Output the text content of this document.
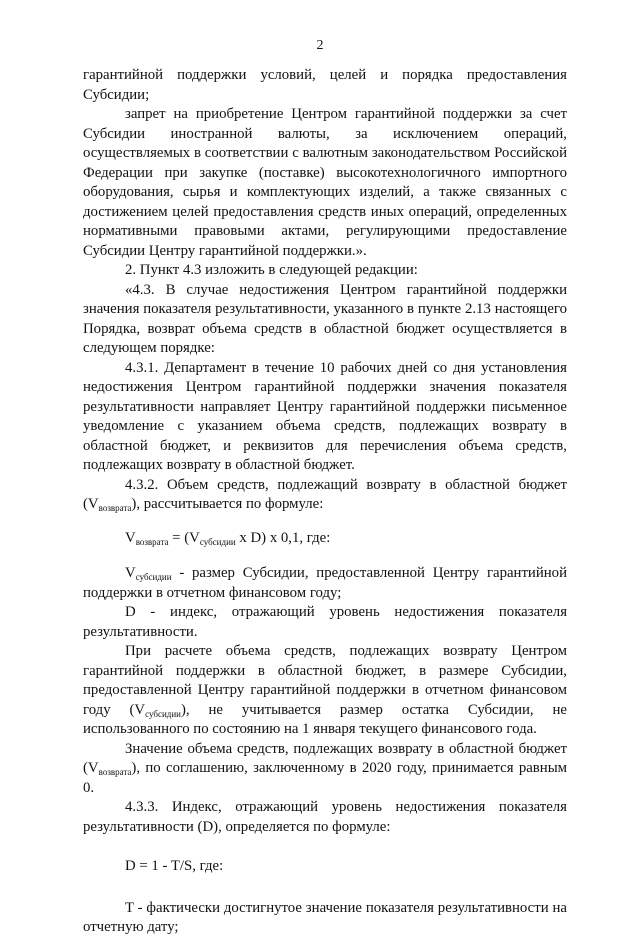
2

гарантийной поддержки условий, целей и порядка предоставления Субсидии;

запрет на приобретение Центром гарантийной поддержки за счет Субсидии иностранной валюты, за исключением операций, осуществляемых в соответствии с валютным законодательством Российской Федерации при закупке (поставке) высокотехнологичного импортного оборудования, сырья и комплектующих изделий, а также связанных с достижением целей предоставления средств иных операций, определенных нормативными правовыми актами, регулирующими предоставление Субсидии Центру гарантийной поддержки.».

2. Пункт 4.3 изложить в следующей редакции:

«4.3. В случае недостижения Центром гарантийной поддержки значения показателя результативности, указанного в пункте 2.13 настоящего Порядка, возврат объема средств в областной бюджет осуществляется в следующем порядке:

4.3.1. Департамент в течение 10 рабочих дней со дня установления недостижения Центром гарантийной поддержки значения показателя результативности направляет Центру гарантийной поддержки письменное уведомление с указанием объема средств, подлежащих возврату в областной бюджет, и реквизитов для перечисления объема средств, подлежащих возврату в областной бюджет.

4.3.2. Объем средств, подлежащий возврату в областной бюджет $(V_{возврата})$, рассчитывается по формуле:

$V_{возврата} = (V_{субсидии}$ x D) x 0,1, где:

$V_{субсидии}$ - размер Субсидии, предоставленной Центру гарантийной поддержки в отчетном финансовом году;

D - индекс, отражающий уровень недостижения показателя результативности.

При расчете объема средств, подлежащих возврату Центром гарантийной поддержки в областной бюджет, в размере Субсидии, предоставленной Центру гарантийной поддержки в отчетном финансовом году $(V_{субсидии})$, не учитывается размер остатка Субсидии, не использованного по состоянию на 1 января текущего финансового года.

Значение объема средств, подлежащих возврату в областной бюджет $(V_{возврата})$, по соглашению, заключенному в 2020 году, принимается равным 0.

4.3.3. Индекс, отражающий уровень недостижения показателя результативности (D), определяется по формуле:

D = 1 - T/S, где:

T - фактически достигнутое значение показателя результативности на отчетную дату;
